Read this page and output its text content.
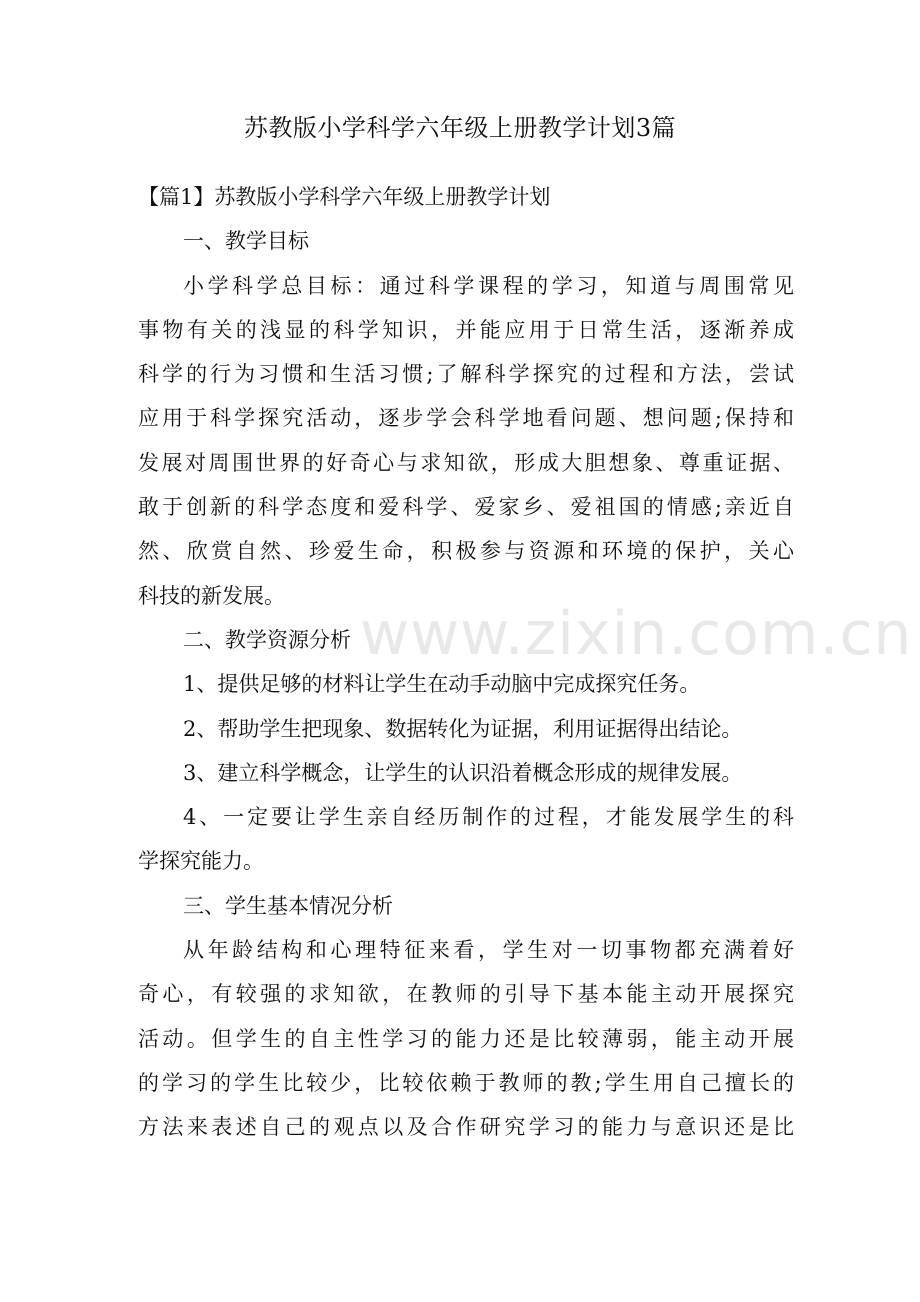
苏教版小学科学六年级上册教学计划3篇
【篇1】苏教版小学科学六年级上册教学计划
一、教学目标
小学科学总目标：通过科学课程的学习，知道与周围常见
事物有关的浅显的科学知识，并能应用于日常生活，逐渐养成
科学的行为习惯和生活习惯;了解科学探究的过程和方法，尝试
应用于科学探究活动，逐步学会科学地看问题、想问题;保持和
发展对周围世界的好奇心与求知欲，形成大胆想象、尊重证据、
敢于创新的科学态度和爱科学、爱家乡、爱祖国的情感;亲近自
然、欣赏自然、珍爱生命，积极参与资源和环境的保护，关心
科技的新发展。
二、教学资源分析
1、提供足够的材料让学生在动手动脑中完成探究任务。
2、帮助学生把现象、数据转化为证据，利用证据得出结论。
3、建立科学概念，让学生的认识沿着概念形成的规律发展。
4、一定要让学生亲自经历制作的过程，才能发展学生的科
学探究能力。
三、学生基本情况分析
从年龄结构和心理特征来看，学生对一切事物都充满着好
奇心，有较强的求知欲，在教师的引导下基本能主动开展探究
活动。但学生的自主性学习的能力还是比较薄弱，能主动开展
的学习的学生比较少，比较依赖于教师的教;学生用自己擅长的
方法来表述自己的观点以及合作研究学习的能力与意识还是比
www.zixin.com.cn
